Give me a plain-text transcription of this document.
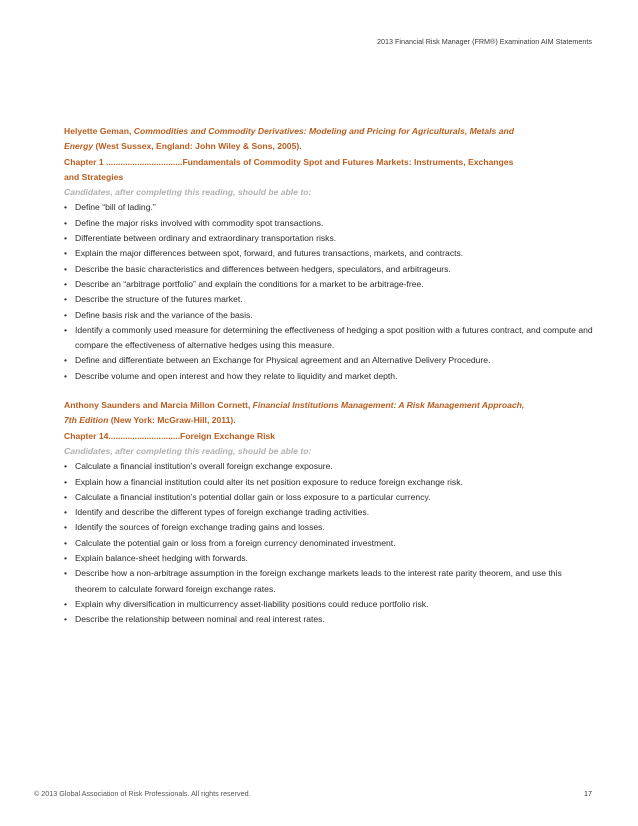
2013 Financial Risk Manager (FRM®) Examination AIM Statements
Helyette Geman, Commodities and Commodity Derivatives: Modeling and Pricing for Agriculturals, Metals and
Energy (West Sussex, England: John Wiley & Sons, 2005).
Chapter 1 ................................Fundamentals of Commodity Spot and Futures Markets: Instruments, Exchanges
and Strategies
Candidates, after completing this reading, should be able to:
• Define “bill of lading.”
• Define the major risks involved with commodity spot transactions.
• Differentiate between ordinary and extraordinary transportation risks.
• Explain the major differences between spot, forward, and futures transactions, markets, and contracts.
• Describe the basic characteristics and differences between hedgers, speculators, and arbitrageurs.
• Describe an “arbitrage portfolio” and explain the conditions for a market to be arbitrage-free.
• Describe the structure of the futures market.
• Define basis risk and the variance of the basis.
• Identify a commonly used measure for determining the effectiveness of hedging a spot position with a futures contract, and compute and compare the effectiveness of alternative hedges using this measure.
• Define and differentiate between an Exchange for Physical agreement and an Alternative Delivery Procedure.
• Describe volume and open interest and how they relate to liquidity and market depth.
Anthony Saunders and Marcia Millon Cornett, Financial Institutions Management: A Risk Management Approach,
7th Edition (New York: McGraw-Hill, 2011).
Chapter 14..............................Foreign Exchange Risk
Candidates, after completing this reading, should be able to:
• Calculate a financial institution’s overall foreign exchange exposure.
• Explain how a financial institution could alter its net position exposure to reduce foreign exchange risk.
• Calculate a financial institution’s potential dollar gain or loss exposure to a particular currency.
• Identify and describe the different types of foreign exchange trading activities.
• Identify the sources of foreign exchange trading gains and losses.
• Calculate the potential gain or loss from a foreign currency denominated investment.
• Explain balance-sheet hedging with forwards.
• Describe how a non-arbitrage assumption in the foreign exchange markets leads to the interest rate parity theorem, and use this theorem to calculate forward foreign exchange rates.
• Explain why diversification in multicurrency asset-liability positions could reduce portfolio risk.
• Describe the relationship between nominal and real interest rates.
© 2013 Global Association of Risk Professionals. All rights reserved.	17
